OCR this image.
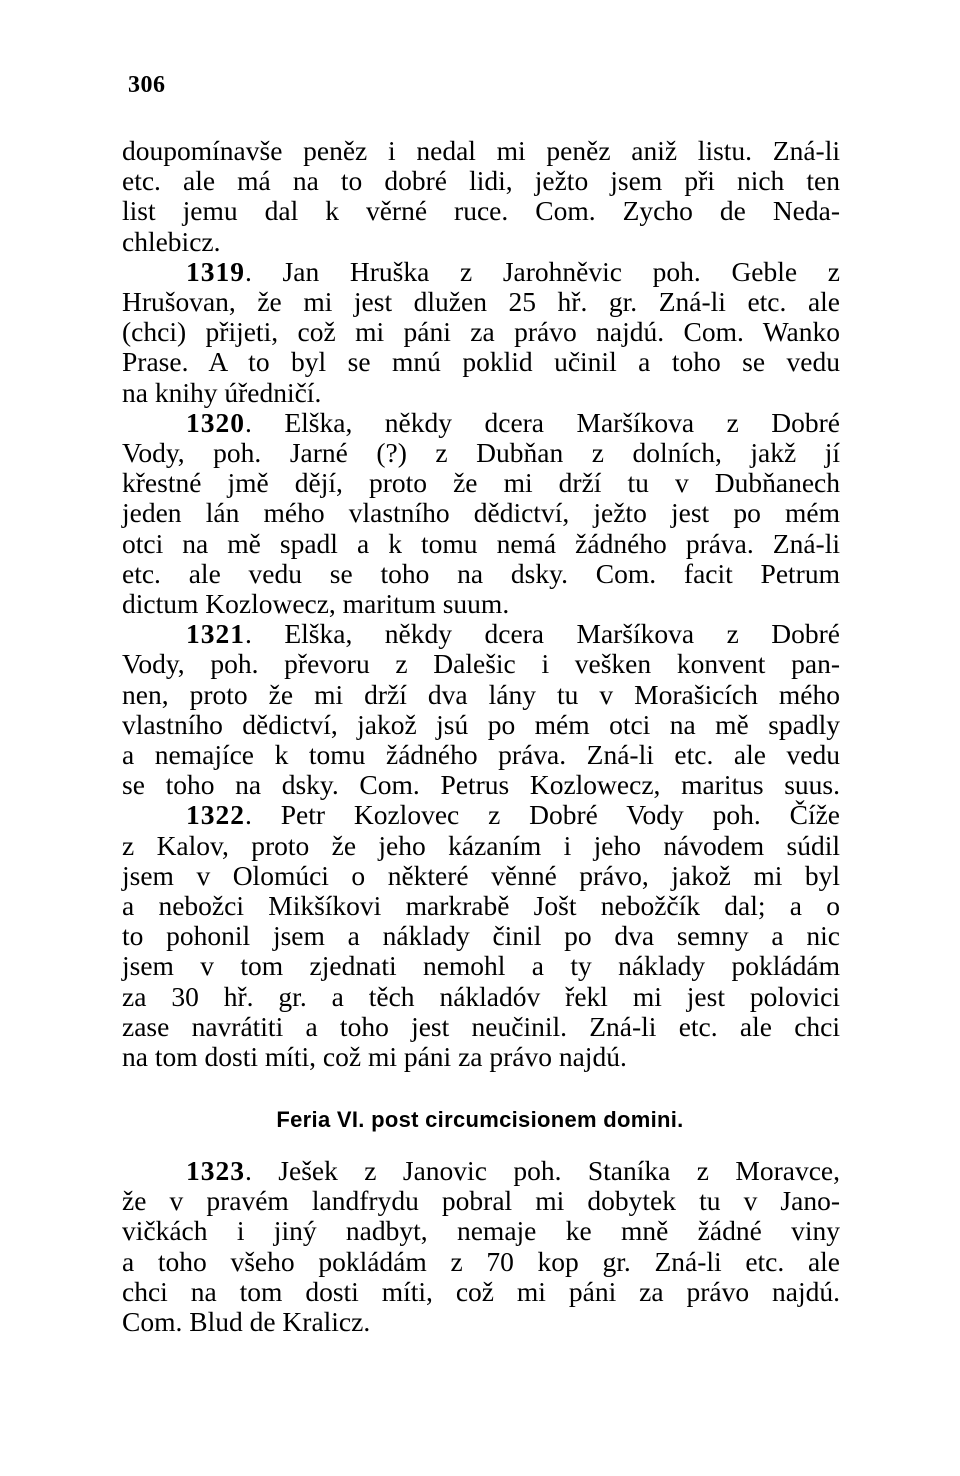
306
doupomínavše peněz i nedal mi peněz aniž listu. Zná-li
etc. ale má na to dobré lidi, ježto jsem při nich ten
list jemu dal k věrné ruce. Com. Zycho de Neda-
chlebicz.
1319. Jan Hruška z Jarohněvic poh. Geble z
Hrušovan, že mi jest dlužen 25 hř. gr. Zná-li etc. ale
(chci) přijeti, což mi páni za právo najdú. Com. Wanko
Prase. A to byl se mnú poklid učinil a toho se vedu
na knihy úředničí.
1320. Elška, někdy dcera Maršíkova z Dobré
Vody, poh. Jarné (?) z Dubňan z dolních, jakž jí
křestné jmě dějí, proto že mi drží tu v Dubňanech
jeden lán mého vlastního dědictví, ježto jest po mém
otci na mě spadl a k tomu nemá žádného práva. Zná-li
etc. ale vedu se toho na dsky. Com. facit Petrum
dictum Kozlowecz, maritum suum.
1321. Elška, někdy dcera Maršíkova z Dobré
Vody, poh. převoru z Dalešic i vešken konvent pan-
nen, proto že mi drží dva lány tu v Morašicích mého
vlastního dědictví, jakož jsú po mém otci na mě spadly
a nemajíce k tomu žádného práva. Zná-li etc. ale vedu
se toho na dsky. Com. Petrus Kozlowecz, maritus suus.
1322. Petr Kozlovec z Dobré Vody poh. Číže
z Kalov, proto že jeho kázaním i jeho návodem súdil
jsem v Olomúci o některé věnné právo, jakož mi byl
a nebožci Mikšíkovi markrabě Jošt nebožčík dal; a o
to pohonil jsem a náklady činil po dva semny a nic
jsem v tom zjednati nemohl a ty náklady pokládám
za 30 hř. gr. a těch nákladóv řekl mi jest polovici
zase navrátiti a toho jest neučinil. Zná-li etc. ale chci
na tom dosti míti, což mi páni za právo najdú.
Feria VI. post circumcisionem domini.
1323. Ješek z Janovic poh. Staníka z Moravce,
že v pravém landfrydu pobral mi dobytek tu v Jano-
vičkách i jiný nadbyt, nemaje ke mně žádné viny
a toho všeho pokládám z 70 kop gr. Zná-li etc. ale
chci na tom dosti míti, což mi páni za právo najdú.
Com. Blud de Kralicz.
